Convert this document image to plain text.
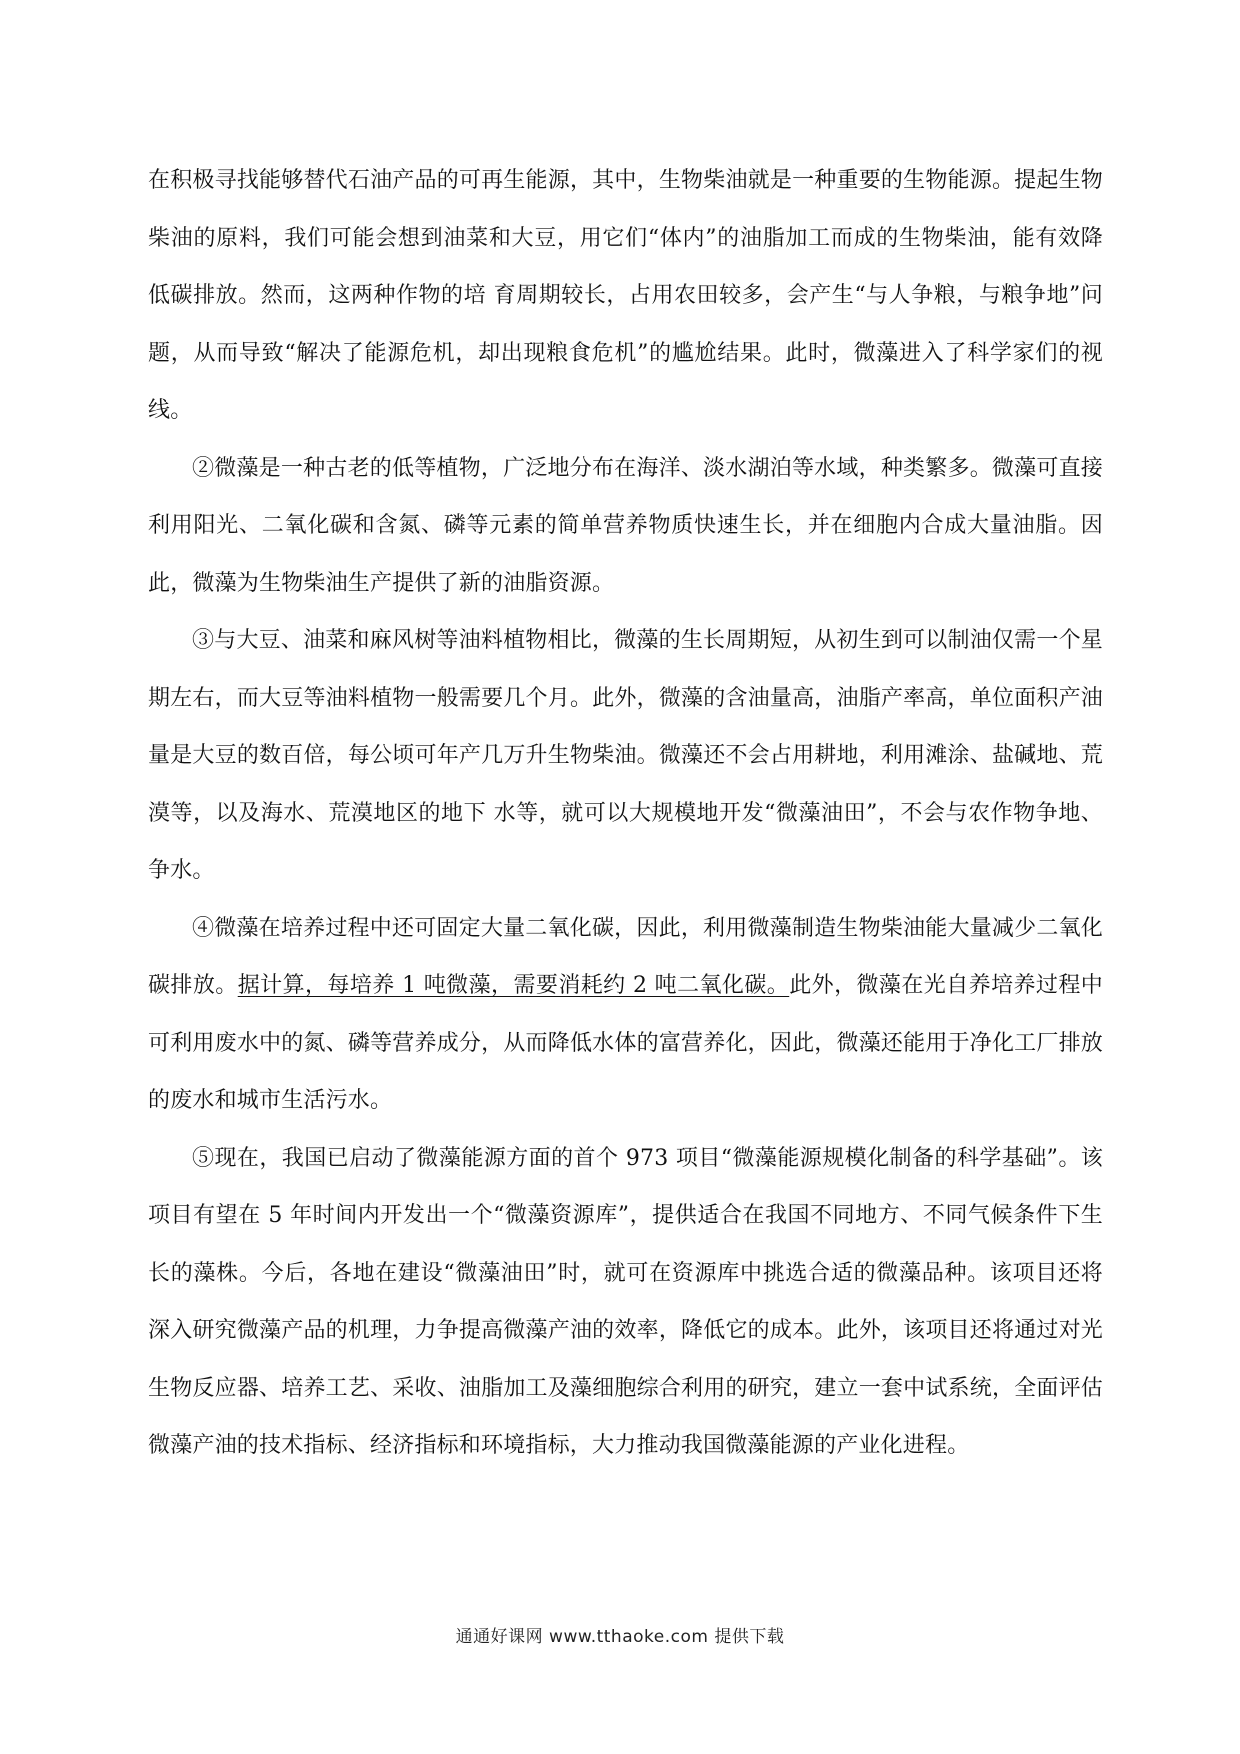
在积极寻找能够替代石油产品的可再生能源，其中，生物柴油就是一种重要的生物能源。提起生物柴油的原料，我们可能会想到油菜和大豆，用它们“体内”的油脂加工而成的生物柴油，能有效降低碳排放。然而，这两种作物的培 育周期较长，占用农田较多，会产生“与人争粮，与粮争地”问题，从而导致“解决了能源危机，却出现粮食危机”的尴尬结果。此时，微藻进入了科学家们的视线。

②微藻是一种古老的低等植物，广泛地分布在海洋、淡水湖泊等水域，种类繁多。微藻可直接利用阳光、二氧化碳和含氮、磷等元素的简单营养物质快速生长，并在细胞内合成大量油脂。因此，微藻为生物柴油生产提供了新的油脂资源。

③与大豆、油菜和麻风树等油料植物相比，微藻的生长周期短，从初生到可以制油仅需一个星期左右，而大豆等油料植物一般需要几个月。此外，微藻的含油量高，油脂产率高，单位面积产油量是大豆的数百倍，每公顷可年产几万升生物柴油。微藻还不会占用耕地，利用滩涂、盐碱地、荒漠等，以及海水、荒漠地区的地下 水等，就可以大规模地开发“微藻油田”，不会与农作物争地、争水。

④微藻在培养过程中还可固定大量二氧化碳，因此，利用微藻制造生物柴油能大量减少二氧化碳排放。据计算，每培养 1 吨微藻，需要消耗约 2 吨二氧化碳。此外，微藻在光自养培养过程中可利用废水中的氮、磷等营养成分，从而降低水体的富营养化，因此，微藻还能用于净化工厂排放的废水和城市生活污水。

⑤现在，我国已启动了微藻能源方面的首个 973 项目“微藻能源规模化制备的科学基础”。该项目有望在 5 年时间内开发出一个“微藻资源库”，提供适合在我国不同地方、不同气候条件下生长的藻株。今后，各地在建设“微藻油田”时，就可在资源库中挑选合适的微藻品种。该项目还将深入研究微藻产品的机理，力争提高微藻产油的效率，降低它的成本。此外，该项目还将通过对光生物反应器、培养工艺、采收、油脂加工及藻细胞综合利用的研究，建立一套中试系统，全面评估 微藻产油的技术指标、经济指标和环境指标，大力推动我国微藻能源的产业化进程。

通通好课网 www.tthaoke.com 提供下载
